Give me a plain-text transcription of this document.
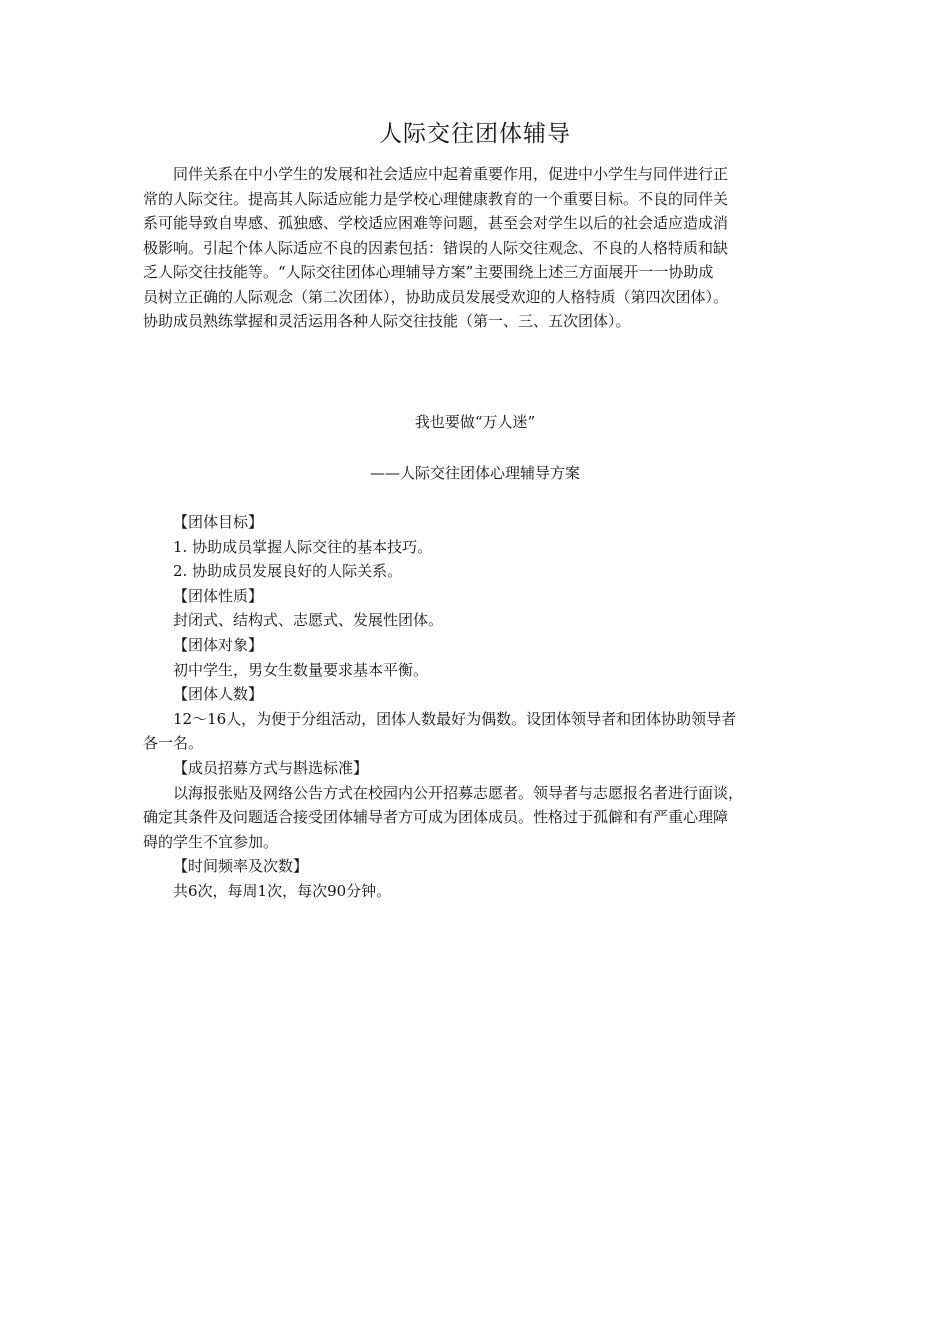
人际交往团体辅导
同伴关系在中小学生的发展和社会适应中起着重要作用，促进中小学生与同伴进行正
常的人际交往。提高其人际适应能力是学校心理健康教育的一个重要目标。不良的同伴关
系可能导致自卑感、孤独感、学校适应困难等问题，甚至会对学生以后的社会适应造成消
极影响。引起个体人际适应不良的因素包括：错误的人际交往观念、不良的人格特质和缺
乏人际交往技能等。“人际交往团体心理辅导方案”主要围绕上述三方面展开一一协助成
员树立正确的人际观念（第二次团体），协助成员发展受欢迎的人格特质（第四次团体）。
协助成员熟练掌握和灵活运用各种人际交往技能（第一、三、五次团体）。
我也要做“万人迷”
——人际交往团体心理辅导方案
【团体目标】
1. 协助成员掌握人际交往的基本技巧。
2. 协助成员发展良好的人际关系。
【团体性质】
封闭式、结构式、志愿式、发展性团体。
【团体对象】
初中学生，男女生数量要求基本平衡。
【团体人数】
12～16人，为便于分组活动，团体人数最好为偶数。设团体领导者和团体协助领导者
各一名。
【成员招募方式与斟选标准】
以海报张贴及网络公告方式在校园内公开招募志愿者。领导者与志愿报名者进行面谈，
确定其条件及问题适合接受团体辅导者方可成为团体成员。性格过于孤僻和有严重心理障
碍的学生不宜参加。
【时间频率及次数】
共6次，每周1次，每次90分钟。
